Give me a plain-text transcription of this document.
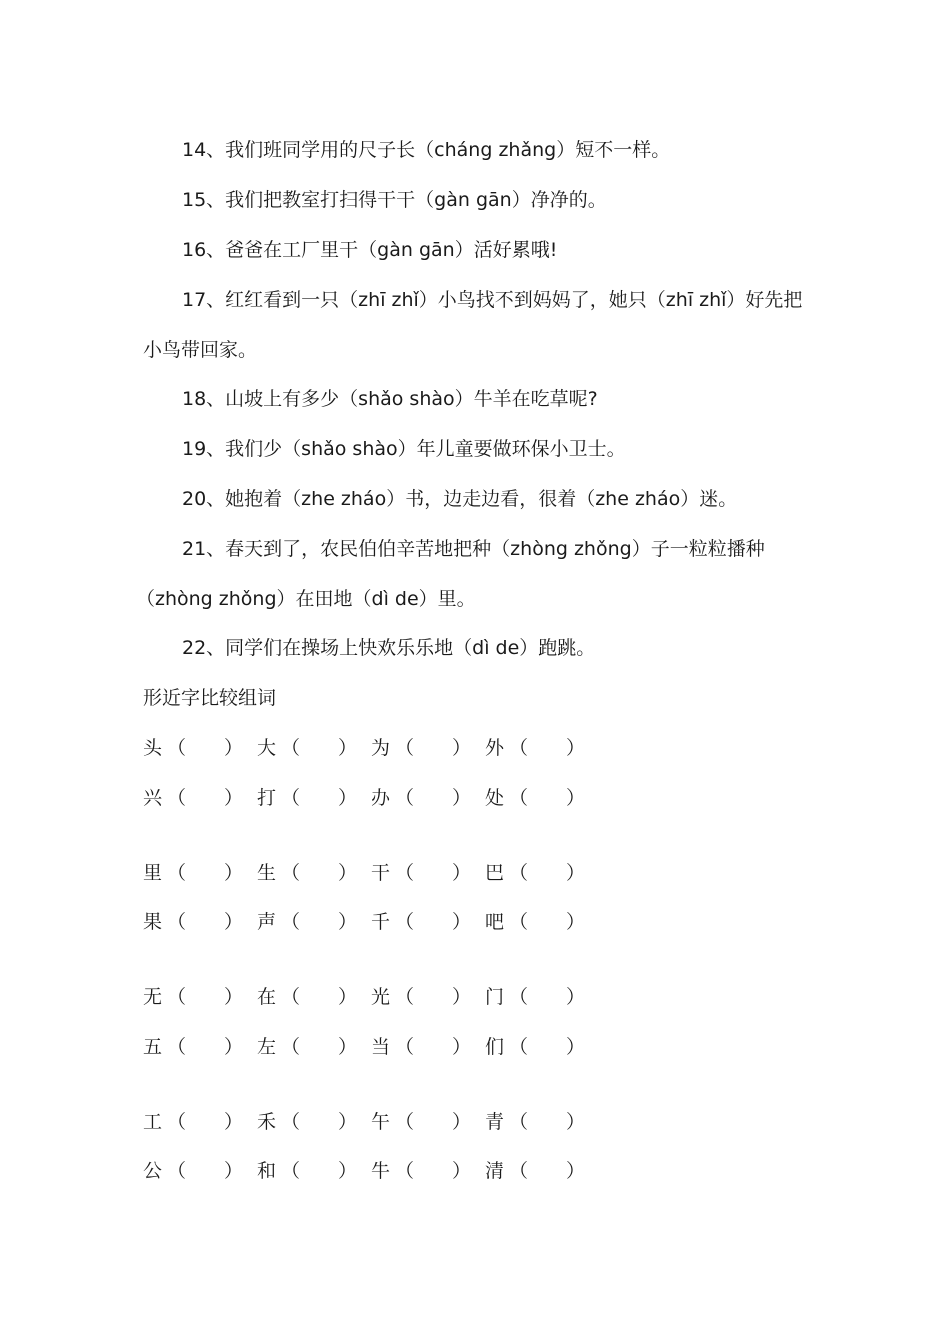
14、我们班同学用的尺子长（cháng zhǎng）短不一样。
15、我们把教室打扫得干干（gàn gān）净净的。
16、爸爸在工厂里干（gàn gān）活好累哦!
17、红红看到一只（zhī zhǐ）小鸟找不到妈妈了，她只（zhī zhǐ）好先把
小鸟带回家。
18、山坡上有多少（shǎo shào）牛羊在吃草呢?
19、我们少（shǎo shào）年儿童要做环保小卫士。
20、她抱着（zhe zháo）书，边走边看，很着（zhe zháo）迷。
21、春天到了，农民伯伯辛苦地把种（zhòng zhǒng）子一粒粒播种
（zhòng zhǒng）在田地（dì de）里。
22、同学们在操场上快欢乐乐地（dì de）跑跳。
形近字比较组词
头 （　　） 大 （　　） 为 （　　） 外 （　　）
兴 （　　） 打 （　　） 办 （　　） 处 （　　）
里 （　　） 生 （　　） 干 （　　） 巴 （　　）
果 （　　） 声 （　　） 千 （　　） 吧 （　　）
无 （　　） 在 （　　） 光 （　　） 门 （　　）
五 （　　） 左 （　　） 当 （　　） 们 （　　）
工 （　　） 禾 （　　） 午 （　　） 青 （　　）
公 （　　） 和 （　　） 牛 （　　） 清 （　　）
